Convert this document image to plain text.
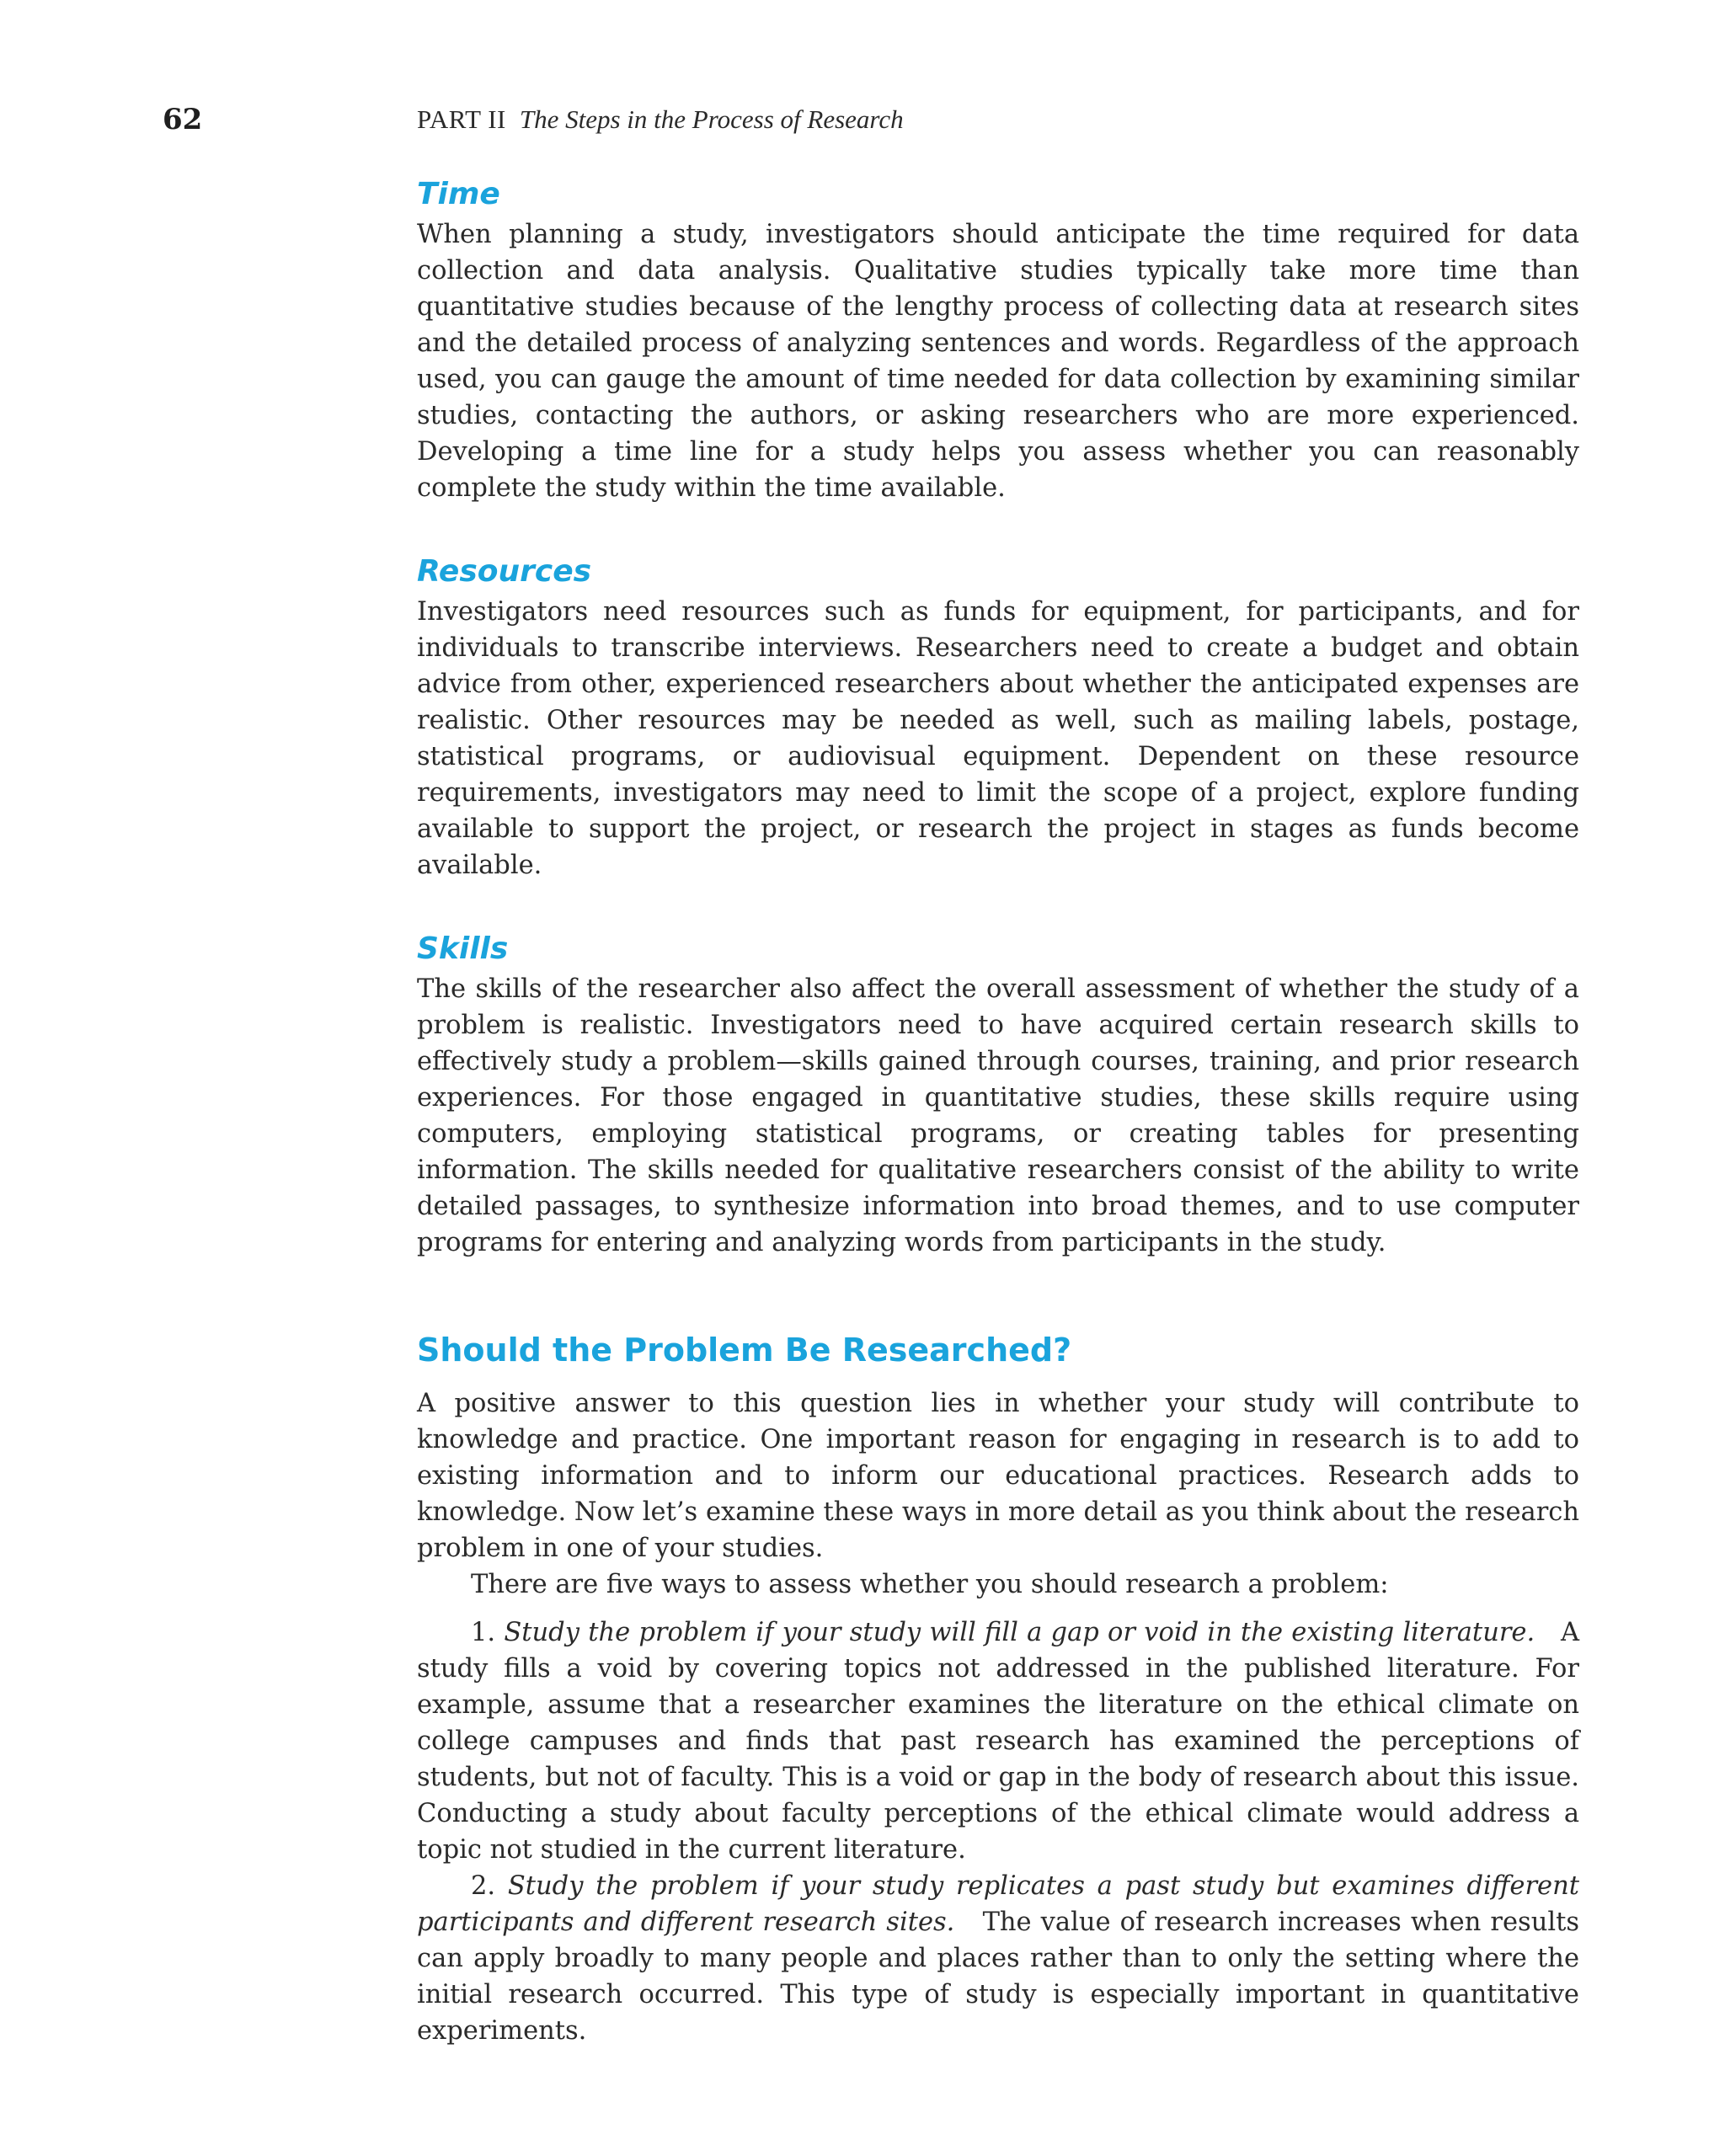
62	PART II The Steps in the Process of Research
Time

When planning a study, investigators should anticipate the time required for data collection and data analysis. Qualitative studies typically take more time than quantitative studies because of the lengthy process of collecting data at research sites and the detailed process of analyzing sentences and words. Regardless of the approach used, you can gauge the amount of time needed for data collection by examining similar studies, contacting the authors, or asking researchers who are more experienced. Developing a time line for a study helps you assess whether you can reasonably complete the study within the time available.

Resources

Investigators need resources such as funds for equipment, for participants, and for individuals to transcribe interviews. Researchers need to create a budget and obtain advice from other, experienced researchers about whether the anticipated expenses are realistic. Other resources may be needed as well, such as mailing labels, postage, statistical programs, or audiovisual equipment. Dependent on these resource requirements, investigators may need to limit the scope of a project, explore funding available to support the project, or research the project in stages as funds become available.

Skills

The skills of the researcher also affect the overall assessment of whether the study of a problem is realistic. Investigators need to have acquired certain research skills to effectively study a problem—skills gained through courses, training, and prior research experiences. For those engaged in quantitative studies, these skills require using computers, employing statistical programs, or creating tables for presenting information. The skills needed for qualitative researchers consist of the ability to write detailed passages, to synthesize information into broad themes, and to use computer programs for entering and analyzing words from participants in the study.

Should the Problem Be Researched?

A positive answer to this question lies in whether your study will contribute to knowledge and practice. One important reason for engaging in research is to add to existing information and to inform our educational practices. Research adds to knowledge. Now let’s examine these ways in more detail as you think about the research problem in one of your studies.

There are five ways to assess whether you should research a problem:

1. Study the problem if your study will fill a gap or void in the existing literature. A study fills a void by covering topics not addressed in the published literature. For example, assume that a researcher examines the literature on the ethical climate on college campuses and finds that past research has examined the perceptions of students, but not of faculty. This is a void or gap in the body of research about this issue. Conducting a study about faculty perceptions of the ethical climate would address a topic not studied in the current literature.

2. Study the problem if your study replicates a past study but examines different participants and different research sites. The value of research increases when results can apply broadly to many people and places rather than to only the setting where the initial research occurred. This type of study is especially important in quantitative experiments.
